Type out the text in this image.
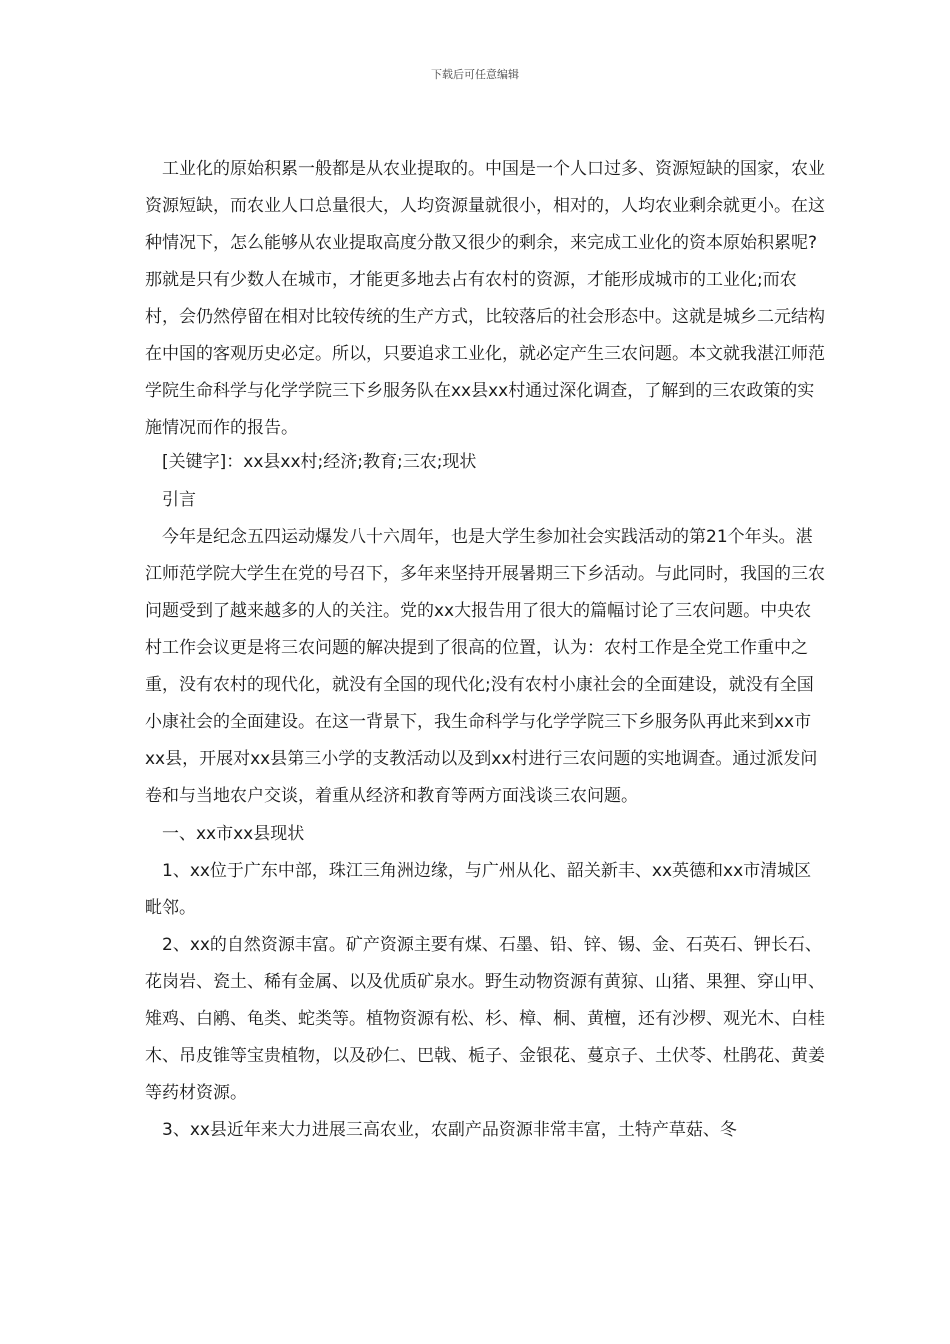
下载后可任意编辑

工业化的原始积累一般都是从农业提取的。中国是一个人口过多、资源短缺的国家，农业资源短缺，而农业人口总量很大，人均资源量就很小，相对的，人均农业剩余就更小。在这种情况下，怎么能够从农业提取高度分散又很少的剩余，来完成工业化的资本原始积累呢?那就是只有少数人在城市，才能更多地去占有农村的资源，才能形成城市的工业化;而农村，会仍然停留在相对比较传统的生产方式，比较落后的社会形态中。这就是城乡二元结构在中国的客观历史必定。所以，只要追求工业化，就必定产生三农问题。本文就我湛江师范学院生命科学与化学学院三下乡服务队在xx县xx村通过深化调查，了解到的三农政策的实施情况而作的报告。

[关键字]：xx县xx村;经济;教育;三农;现状

引言

今年是纪念五四运动爆发八十六周年，也是大学生参加社会实践活动的第21个年头。湛江师范学院大学生在党的号召下，多年来坚持开展暑期三下乡活动。与此同时，我国的三农问题受到了越来越多的人的关注。党的xx大报告用了很大的篇幅讨论了三农问题。中央农村工作会议更是将三农问题的解决提到了很高的位置，认为：农村工作是全党工作重中之重，没有农村的现代化，就没有全国的现代化;没有农村小康社会的全面建设，就没有全国小康社会的全面建设。在这一背景下，我生命科学与化学学院三下乡服务队再此来到xx市xx县，开展对xx县第三小学的支教活动以及到xx村进行三农问题的实地调查。通过派发问卷和与当地农户交谈，着重从经济和教育等两方面浅谈三农问题。

一、xx市xx县现状

1、xx位于广东中部，珠江三角洲边缘，与广州从化、韶关新丰、xx英德和xx市清城区毗邻。

2、xx的自然资源丰富。矿产资源主要有煤、石墨、铅、锌、锡、金、石英石、钾长石、花岗岩、瓷土、稀有金属、以及优质矿泉水。野生动物资源有黄猄、山猪、果狸、穿山甲、雉鸡、白鹇、龟类、蛇类等。植物资源有松、杉、樟、桐、黄檀，还有沙椤、观光木、白桂木、吊皮锥等宝贵植物，以及砂仁、巴戟、栀子、金银花、蔓京子、土伏苓、杜鹃花、黄姜等药材资源。

3、xx县近年来大力进展三高农业，农副产品资源非常丰富，土特产草菇、冬
